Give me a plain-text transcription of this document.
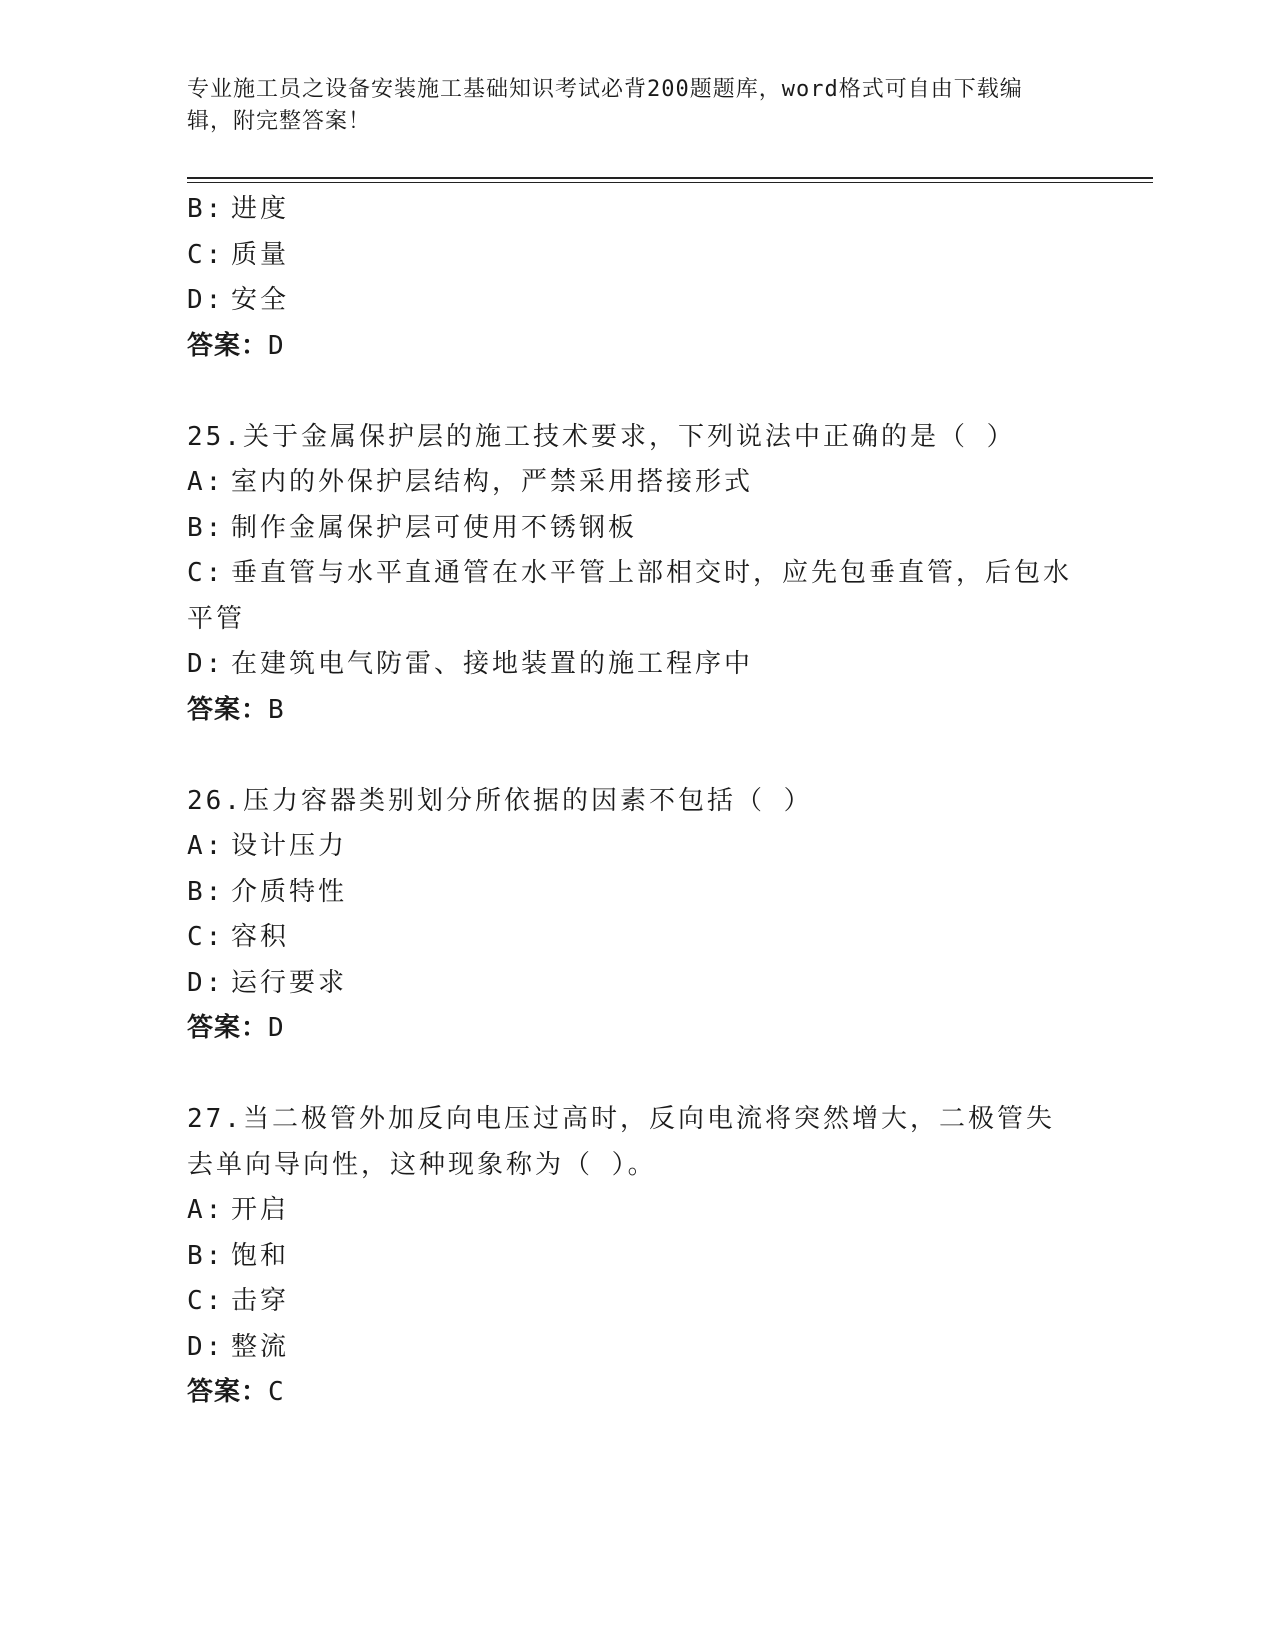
专业施工员之设备安装施工基础知识考试必背200题题库，word格式可自由下载编辑，附完整答案！

B: 进度

C: 质量

D: 安全

答案：D

25.关于金属保护层的施工技术要求，下列说法中正确的是（ ）

A: 室内的外保护层结构，严禁采用搭接形式

B: 制作金属保护层可使用不锈钢板

C: 垂直管与水平直通管在水平管上部相交时，应先包垂直管，后包水平管

D: 在建筑电气防雷、接地装置的施工程序中

答案：B

26.压力容器类别划分所依据的因素不包括（ ）

A: 设计压力

B: 介质特性

C: 容积

D: 运行要求

答案：D

27.当二极管外加反向电压过高时，反向电流将突然增大，二极管失去单向导向性，这种现象称为（ ）。

A: 开启

B: 饱和

C: 击穿

D: 整流

答案：C
